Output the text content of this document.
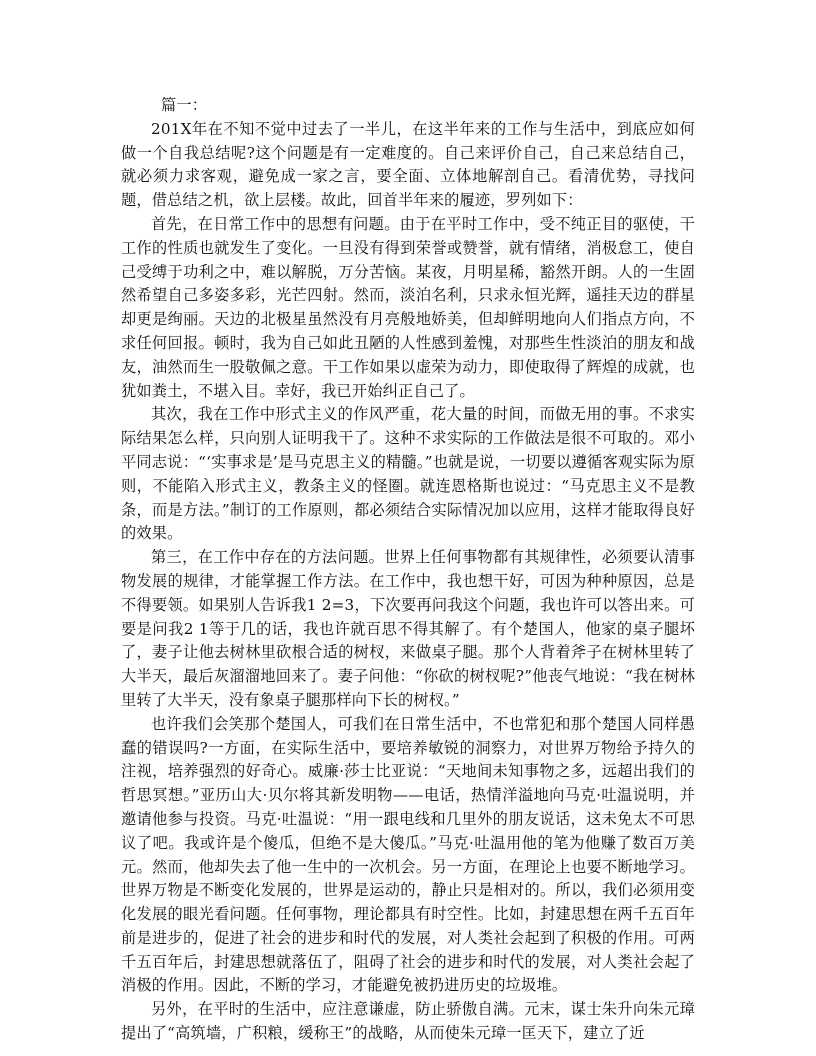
篇一：

201X年在不知不觉中过去了一半儿，在这半年来的工作与生活中，到底应如何做一个自我总结呢?这个问题是有一定难度的。自己来评价自己，自己来总结自己，就必须力求客观，避免成一家之言，要全面、立体地解剖自己。看清优势，寻找问题，借总结之机，欲上层楼。故此，回首半年来的履迹，罗列如下：

首先，在日常工作中的思想有问题。由于在平时工作中，受不纯正目的驱使，干工作的性质也就发生了变化。一旦没有得到荣誉或赞誉，就有情绪，消极怠工，使自己受缚于功利之中，难以解脱，万分苦恼。某夜，月明星稀，豁然开朗。人的一生固然希望自己多姿多彩，光芒四射。然而，淡泊名利，只求永恒光辉，遥挂天边的群星却更是绚丽。天边的北极星虽然没有月亮般地娇美，但却鲜明地向人们指点方向，不求任何回报。顿时，我为自己如此丑陋的人性感到羞愧，对那些生性淡泊的朋友和战友，油然而生一股敬佩之意。干工作如果以虚荣为动力，即使取得了辉煌的成就，也犹如粪土，不堪入目。幸好，我已开始纠正自己了。

其次，我在工作中形式主义的作风严重，花大量的时间，而做无用的事。不求实际结果怎么样，只向别人证明我干了。这种不求实际的工作做法是很不可取的。邓小平同志说：“‘实事求是’是马克思主义的精髓。”也就是说，一切要以遵循客观实际为原则，不能陷入形式主义，教条主义的怪圈。就连恩格斯也说过：“马克思主义不是教条，而是方法。”制订的工作原则，都必须结合实际情况加以应用，这样才能取得良好的效果。

第三，在工作中存在的方法问题。世界上任何事物都有其规律性，必须要认清事物发展的规律，才能掌握工作方法。在工作中，我也想干好，可因为种种原因，总是不得要领。如果别人告诉我1 2=3，下次要再问我这个问题，我也许可以答出来。可要是问我2 1等于几的话，我也许就百思不得其解了。有个楚国人，他家的桌子腿坏了，妻子让他去树林里砍根合适的树杈，来做桌子腿。那个人背着斧子在树林里转了大半天，最后灰溜溜地回来了。妻子问他：“你砍的树杈呢?”他丧气地说：“我在树林里转了大半天，没有象桌子腿那样向下长的树杈。”

也许我们会笑那个楚国人，可我们在日常生活中，不也常犯和那个楚国人同样愚蠢的错误吗?一方面，在实际生活中，要培养敏锐的洞察力，对世界万物给予持久的注视，培养强烈的好奇心。威廉·莎士比亚说：“天地间未知事物之多，远超出我们的哲思冥想。”亚历山大·贝尔将其新发明物——电话，热情洋溢地向马克·吐温说明，并邀请他参与投资。马克·吐温说：“用一跟电线和几里外的朋友说话，这未免太不可思议了吧。我或许是个傻瓜，但绝不是大傻瓜。”马克·吐温用他的笔为他赚了数百万美元。然而，他却失去了他一生中的一次机会。另一方面，在理论上也要不断地学习。世界万物是不断变化发展的，世界是运动的，静止只是相对的。所以，我们必须用变化发展的眼光看问题。任何事物，理论都具有时空性。比如，封建思想在两千五百年前是进步的，促进了社会的进步和时代的发展，对人类社会起到了积极的作用。可两千五百年后，封建思想就落伍了，阻碍了社会的进步和时代的发展，对人类社会起了消极的作用。因此，不断的学习，才能避免被扔进历史的垃圾堆。

另外，在平时的生活中，应注意谦虚，防止骄傲自满。元末，谋士朱升向朱元璋提出了“高筑墙，广积粮，缓称王”的战略，从而使朱元璋一匡天下，建立了近
